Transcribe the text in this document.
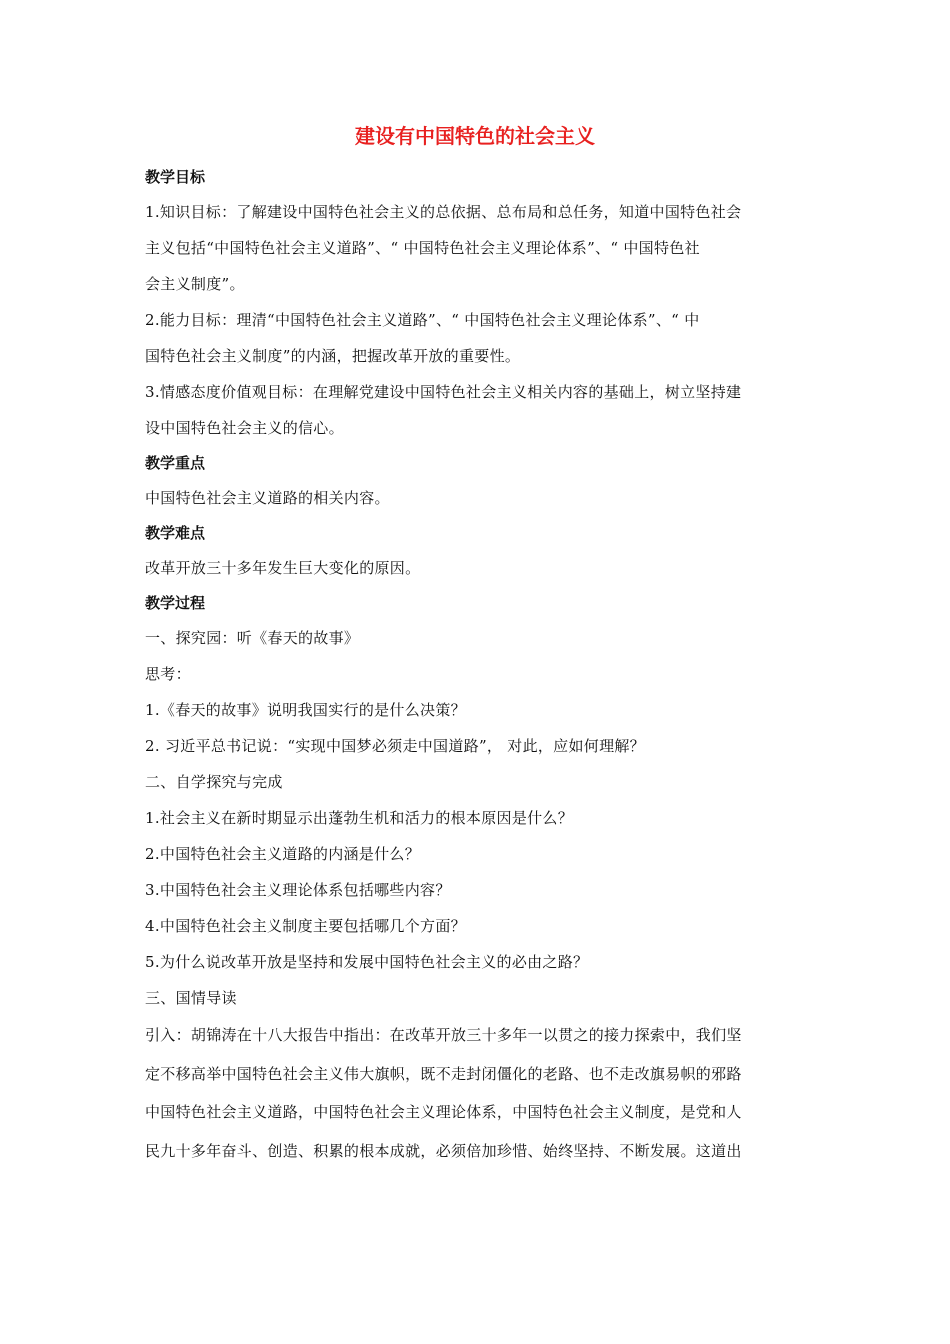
建设有中国特色的社会主义
教学目标
1.知识目标：了解建设中国特色社会主义的总依据、总布局和总任务，知道中国特色社会
主义包括“中国特色社会主义道路”、“ 中国特色社会主义理论体系”、“ 中国特色社
会主义制度”。
2.能力目标：理清“中国特色社会主义道路”、“ 中国特色社会主义理论体系”、“ 中
国特色社会主义制度”的内涵，把握改革开放的重要性。
3.情感态度价值观目标：在理解党建设中国特色社会主义相关内容的基础上，树立坚持建
设中国特色社会主义的信心。
教学重点
中国特色社会主义道路的相关内容。
教学难点
改革开放三十多年发生巨大变化的原因。
教学过程
一、探究园：听《春天的故事》
思考：
1.《春天的故事》说明我国实行的是什么决策？
2. 习近平总书记说：“实现中国梦必须走中国道路”， 对此，应如何理解？
二、自学探究与完成
1.社会主义在新时期显示出蓬勃生机和活力的根本原因是什么？
2.中国特色社会主义道路的内涵是什么？
3.中国特色社会主义理论体系包括哪些内容？
4.中国特色社会主义制度主要包括哪几个方面？
5.为什么说改革开放是坚持和发展中国特色社会主义的必由之路？
三、国情导读
引入：胡锦涛在十八大报告中指出：在改革开放三十多年一以贯之的接力探索中，我们坚
定不移高举中国特色社会主义伟大旗帜，既不走封闭僵化的老路、也不走改旗易帜的邪路
中国特色社会主义道路，中国特色社会主义理论体系，中国特色社会主义制度，是党和人
民九十多年奋斗、创造、积累的根本成就，必须倍加珍惜、始终坚持、不断发展。这道出
